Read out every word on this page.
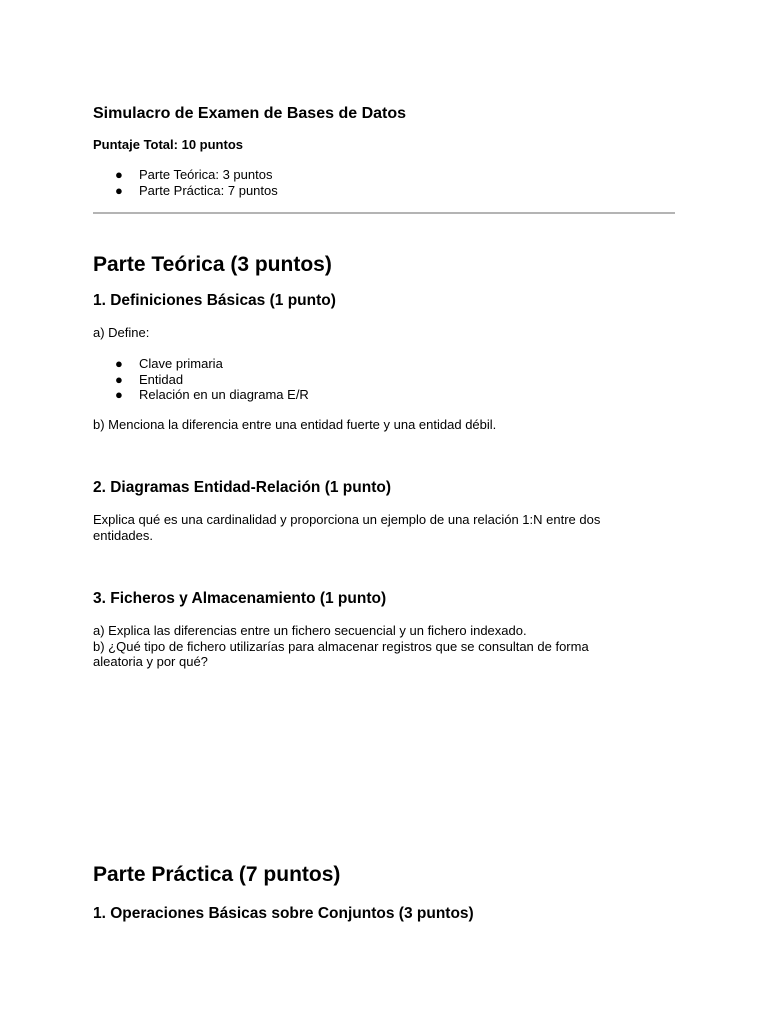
Simulacro de Examen de Bases de Datos

Puntaje Total: 10 puntos

● Parte Teórica: 3 puntos
● Parte Práctica: 7 puntos
Parte Teórica (3 puntos)
1. Definiciones Básicas (1 punto)

a) Define:

● Clave primaria
● Entidad
● Relación en un diagrama E/R

b) Menciona la diferencia entre una entidad fuerte y una entidad débil.

2. Diagramas Entidad-Relación (1 punto)
Explica qué es una cardinalidad y proporciona un ejemplo de una relación 1:N entre dos
entidades.
3. Ficheros y Almacenamiento (1 punto)
a) Explica las diferencias entre un fichero secuencial y un fichero indexado.
b) ¿Qué tipo de fichero utilizarías para almacenar registros que se consultan de forma
aleatoria y por qué?
Parte Práctica (7 puntos)
1. Operaciones Básicas sobre Conjuntos (3 puntos)
